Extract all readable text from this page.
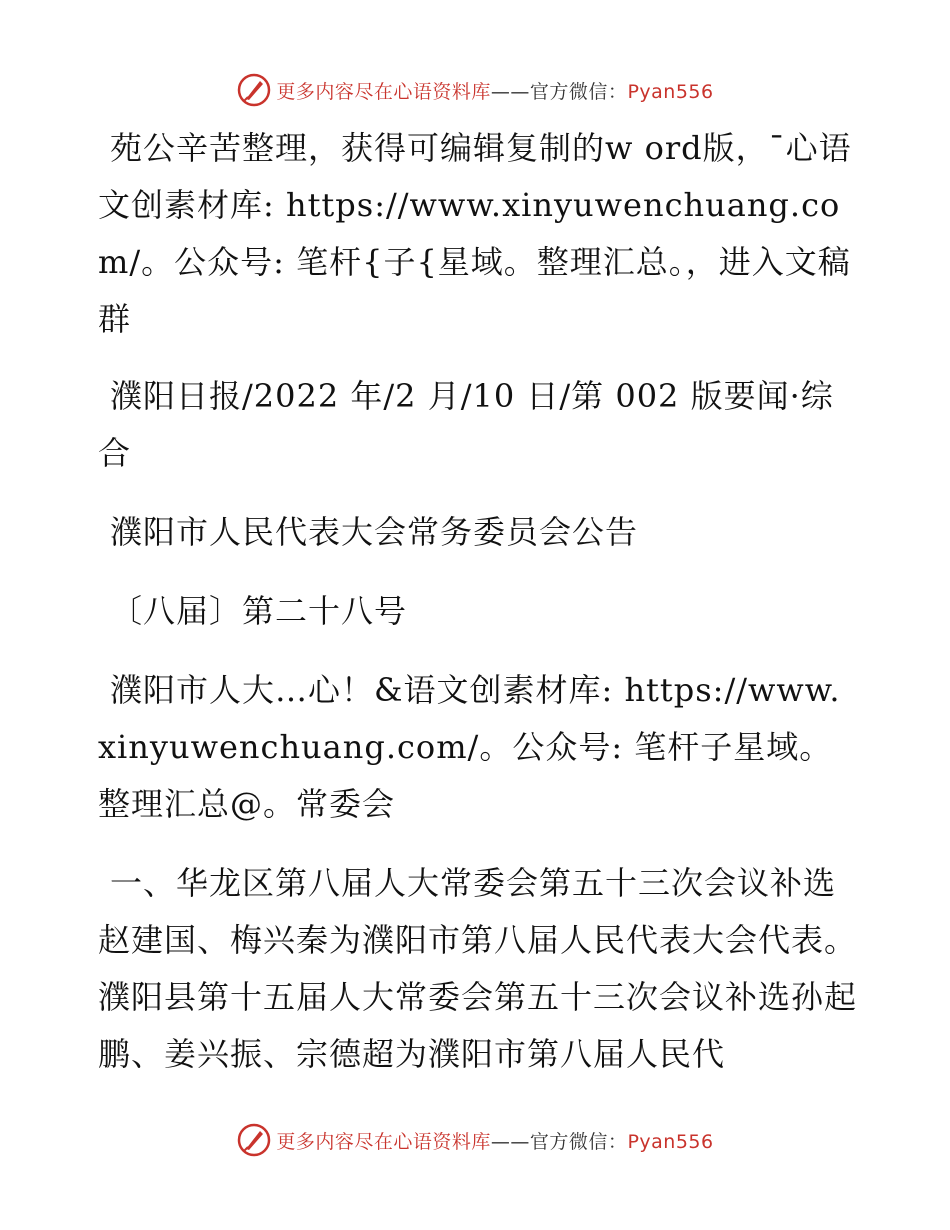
更多内容尽在心语资料库——官方微信：Pyan556

苑公辛苦整理，获得可编辑复制的w ord版，¯心语文创素材库: https://www.xinyuwenchuang.com/。公众号: 笔杆{子{星域。整理汇总。，进入文稿群

濮阳日报/2022 年/2 月/10 日/第 002 版要闻·综合

濮阳市人民代表大会常务委员会公告

〔八届〕第二十八号

濮阳市人大…心！&语文创素材库: https://www.xinyuwenchuang.com/。公众号: 笔杆子星域。整理汇总@。常委会

一、华龙区第八届人大常委会第五十三次会议补选赵建国、梅兴秦为濮阳市第八届人民代表大会代表。濮阳县第十五届人大常委会第五十三次会议补选孙起鹏、姜兴振、宗德超为濮阳市第八届人民代

更多内容尽在心语资料库——官方微信：Pyan556
